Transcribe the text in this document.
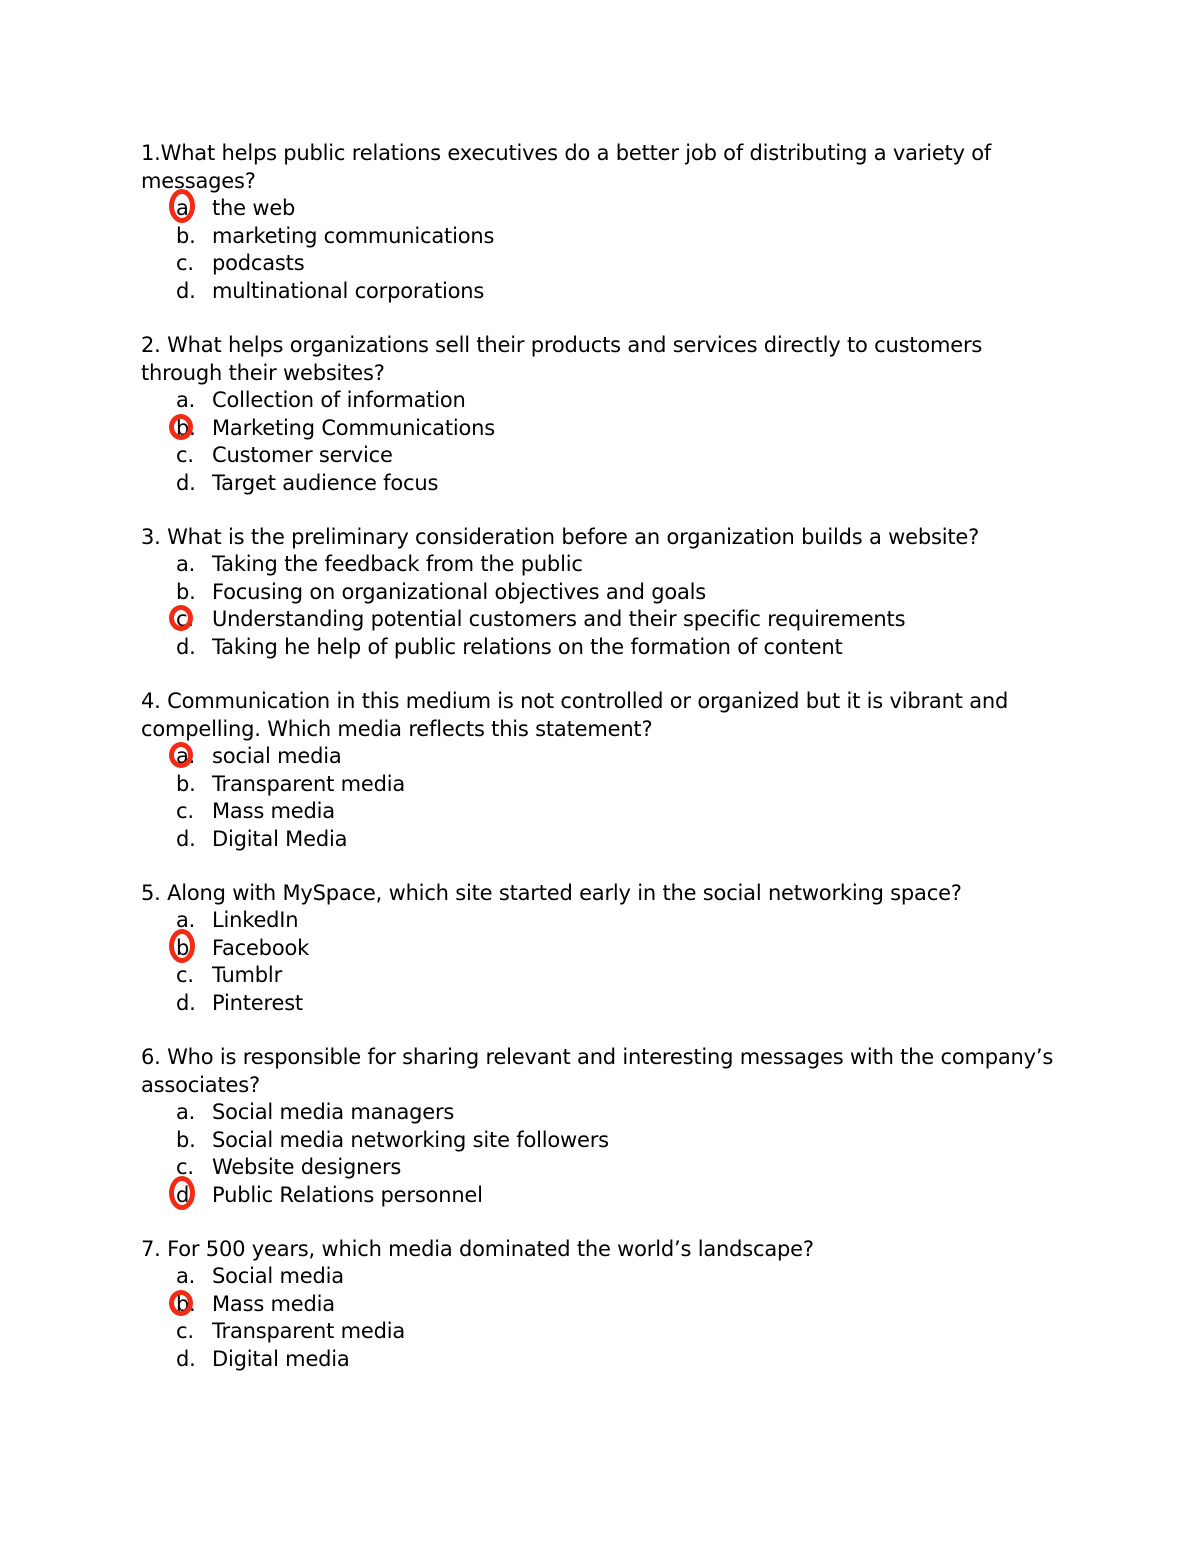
1.What helps public relations executives do a better job of distributing a variety of messages?

a. the web
b. marketing communications
c. podcasts
d. multinational corporations

2. What helps organizations sell their products and services directly to customers through their websites?

a. Collection of information
b. Marketing Communications
c. Customer service
d. Target audience focus

3. What is the preliminary consideration before an organization builds a website?

a. Taking the feedback from the public
b. Focusing on organizational objectives and goals
c. Understanding potential customers and their specific requirements
d. Taking he help of public relations on the formation of content

4. Communication in this medium is not controlled or organized but it is vibrant and compelling. Which media reflects this statement?

a. social media
b. Transparent media
c. Mass media
d. Digital Media

5. Along with MySpace, which site started early in the social networking space?

a. LinkedIn
b. Facebook
c. Tumblr
d. Pinterest

6. Who is responsible for sharing relevant and interesting messages with the company’s associates?

a. Social media managers
b. Social media networking site followers
c. Website designers
d. Public Relations personnel

7. For 500 years, which media dominated the world’s landscape?

a. Social media
b. Mass media
c. Transparent media
d. Digital media
